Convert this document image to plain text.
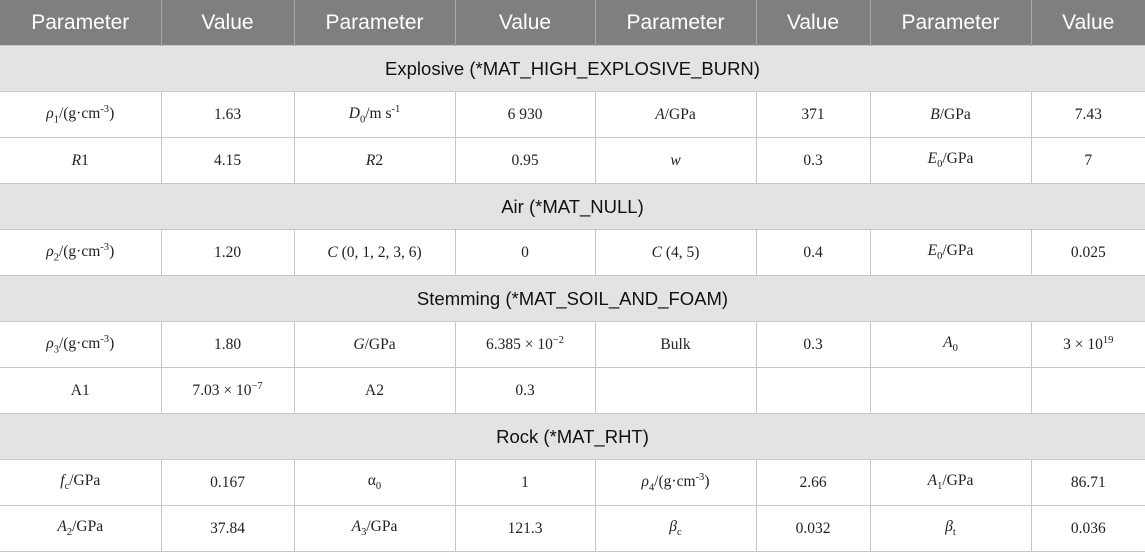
Parameter	Value	Parameter	Value	Parameter	Value	Parameter	Value
Explosive (*MAT_HIGH_EXPLOSIVE_BURN)							
$\rho_1/(g\cdot cm^{-3})$	1.63	$D_0/m$ $s^{-1}$	6 930	A/GPa	371	B/GPa	7.43
R1	4.15	R2	0.95	w	0.3	$E_0$/GPa	7
Air (*MAT_NULL)							
$\rho_2/(g\cdot cm^{-3})$	1.20	C (0, 1, 2, 3, 6)	0	C (4, 5)	0.4	$E_0$/GPa	0.025
Stemming (*MAT_SOIL_AND_FOAM)							
$\rho_3/(g\cdot cm^{-3})$	1.80	G/GPa	$6.385 \times 10^{-2}$	Bulk	0.3	$A_0$	$3 \times 10^{19}$
A1	$7.03 \times 10^{-7}$	A2	0.3				
Rock (*MAT_RHT)							
$f_c$/GPa	0.167	$\alpha_0$	1	$\rho_4/(g\cdot cm^{-3})$	2.66	$A_1$/GPa	86.71
$A_2$/GPa	37.84	$A_3$/GPa	121.3	$\beta_c$	0.032	$\beta_t$	0.036
